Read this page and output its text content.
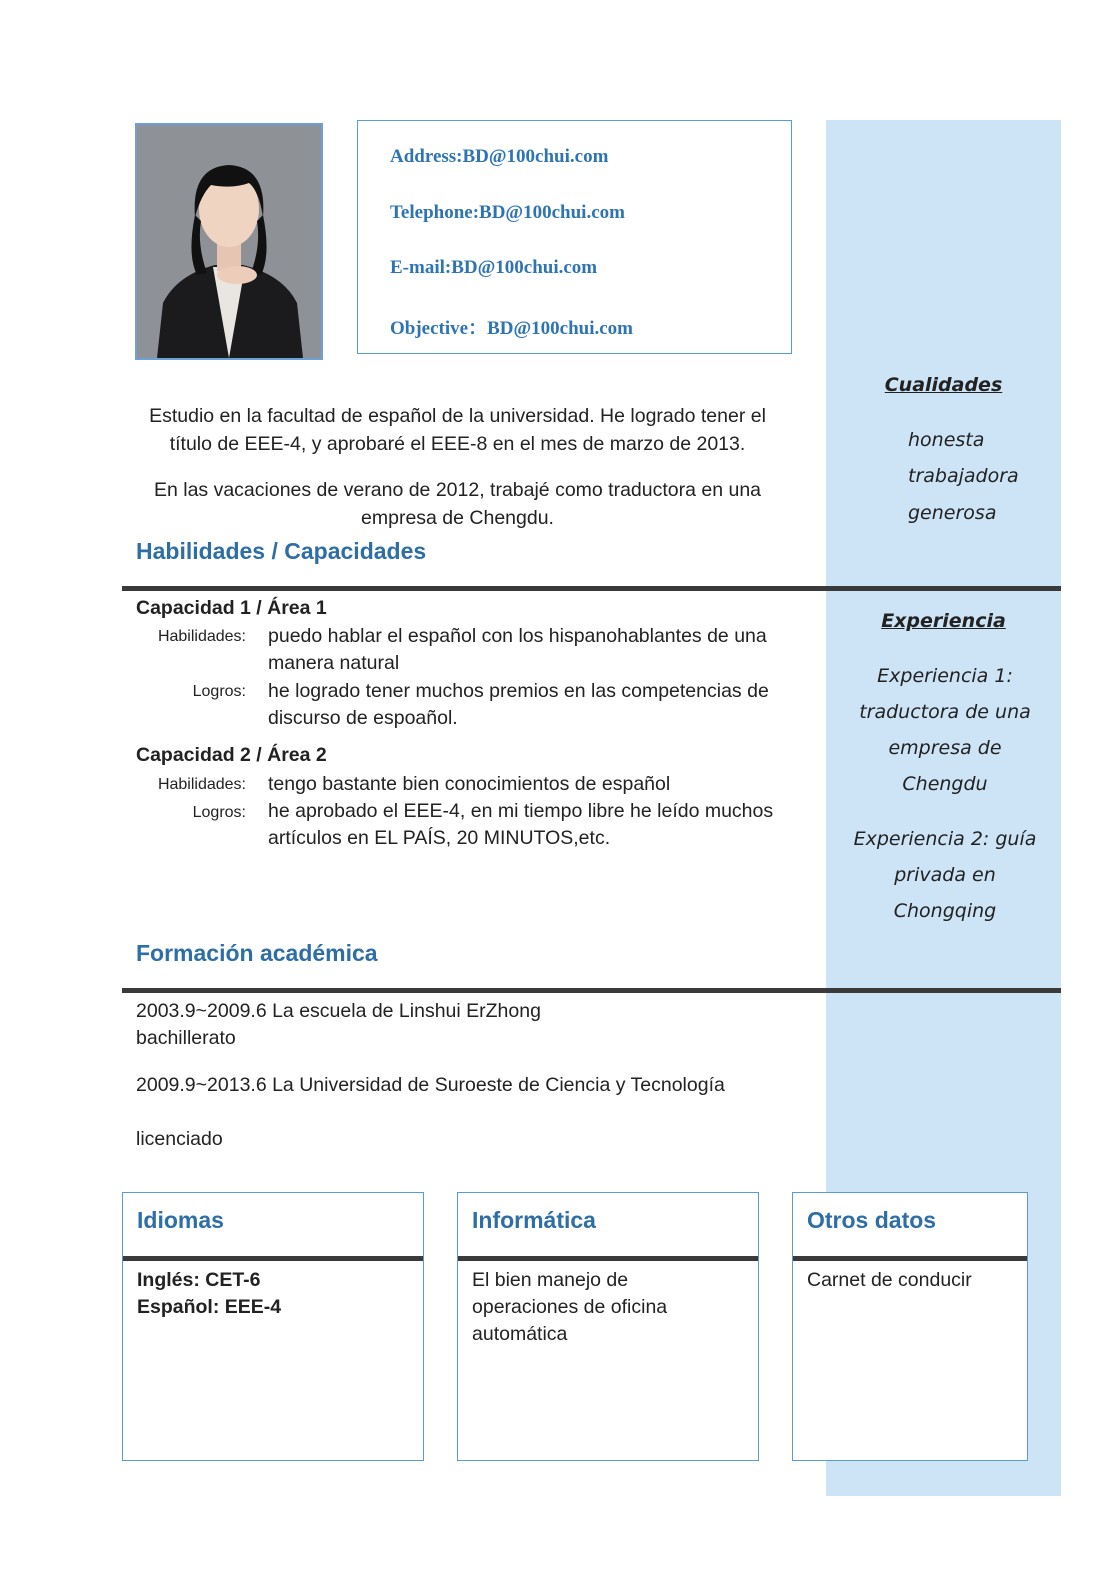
Address:BD@100chui.com
Telephone:BD@100chui.com
E-mail:BD@100chui.com
Objective：BD@100chui.com
Estudio en la facultad de español de la universidad. He logrado tener el título de EEE-4, y aprobaré el EEE-8 en el mes de marzo de 2013.
En las vacaciones de verano de 2012, trabajé como traductora en una empresa de Chengdu.
Habilidades / Capacidades
Capacidad 1 / Área 1
Habilidades: puedo hablar el español con los hispanohablantes de una manera natural
Logros: he logrado tener muchos premios en las competencias de discurso de espoañol.
Capacidad 2 / Área 2
Habilidades: tengo bastante bien conocimientos de español
Logros: he aprobado el EEE-4, en mi tiempo libre he leído muchos artículos en EL PAÍS, 20 MINUTOS,etc.
Cualidades
honesta
trabajadora
generosa
Experiencia
Experiencia 1: traductora de una empresa de Chengdu
Experiencia 2: guía privada en Chongqing
Formación académica
2003.9~2009.6 La escuela de Linshui ErZhong
bachillerato
2009.9~2013.6 La Universidad de Suroeste de Ciencia y Tecnología
licenciado
Idiomas
Inglés: CET-6
Español: EEE-4
Informática
El bien manejo de operaciones de oficina automática
Otros datos
Carnet de conducir
